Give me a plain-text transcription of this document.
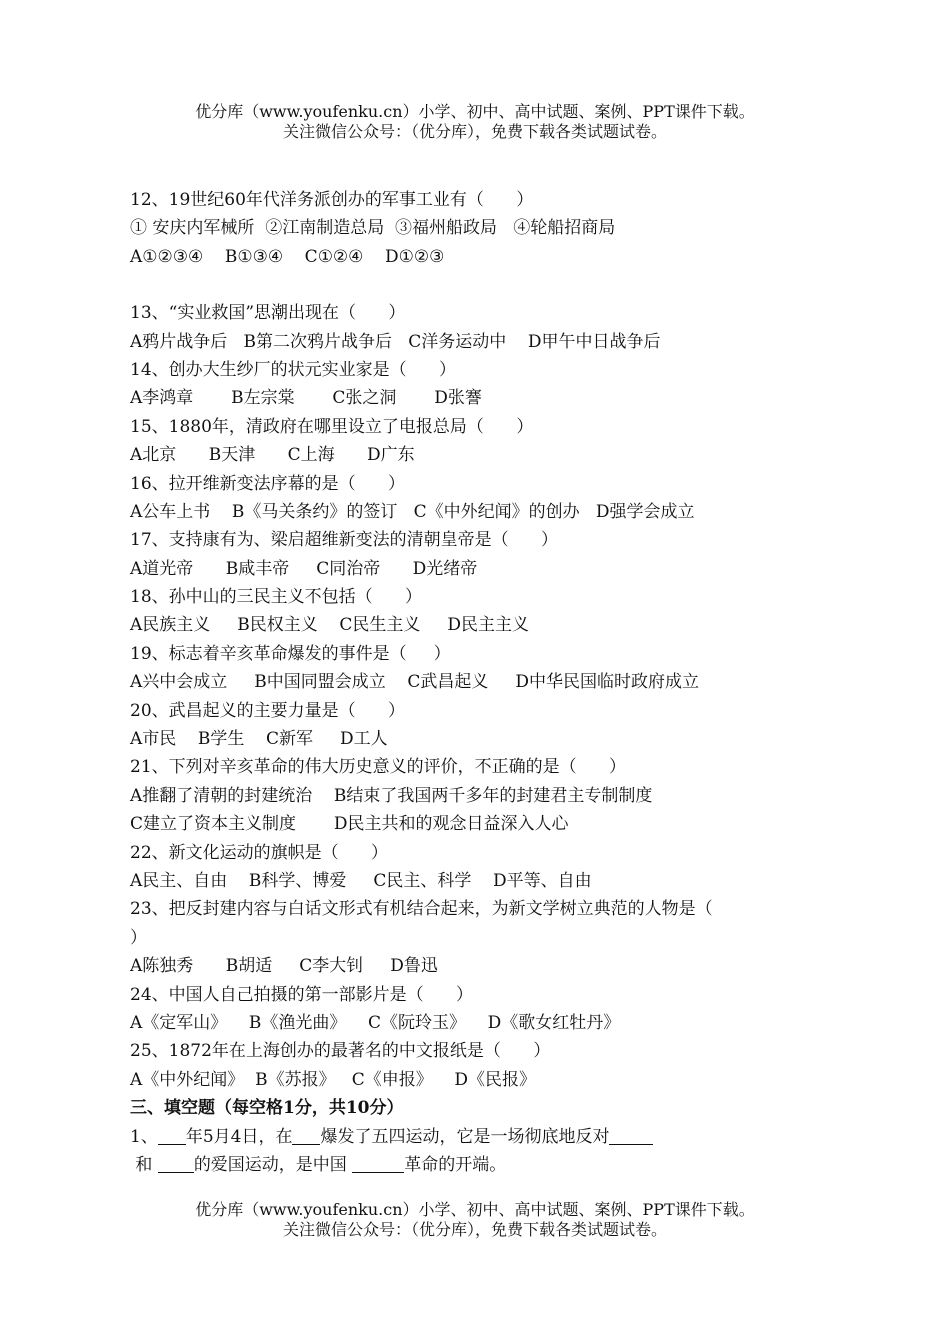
优分库（www.youfenku.cn）小学、初中、高中试题、案例、PPT课件下载。
关注微信公众号：（优分库），免费下载各类试题试卷。
12、19世纪60年代洋务派创办的军事工业有（      ）
① 安庆内军械所  ②江南制造总局  ③福州船政局   ④轮船招商局
A①②③④    B①③④    C①②④    D①②③
13、“实业救国”思潮出现在（      ）
A鸦片战争后   B第二次鸦片战争后   C洋务运动中    D甲午中日战争后
14、创办大生纱厂的状元实业家是（      ）
A李鸿章       B左宗棠       C张之洞       D张謇
15、1880年，清政府在哪里设立了电报总局（      ）
A北京      B天津      C上海      D广东
16、拉开维新变法序幕的是（      ）
A公车上书    B《马关条约》的签订   C《中外纪闻》的创办   D强学会成立
17、支持康有为、梁启超维新变法的清朝皇帝是（      ）
A道光帝      B咸丰帝     C同治帝      D光绪帝
18、孙中山的三民主义不包括（      ）
A民族主义     B民权主义    C民生主义     D民主主义
19、标志着辛亥革命爆发的事件是（     ）
A兴中会成立     B中国同盟会成立    C武昌起义     D中华民国临时政府成立
20、武昌起义的主要力量是（      ）
A市民    B学生    C新军     D工人
21、下列对辛亥革命的伟大历史意义的评价，不正确的是（      ）
A推翻了清朝的封建统治    B结束了我国两千多年的封建君主专制制度
C建立了资本主义制度       D民主共和的观念日益深入人心
22、新文化运动的旗帜是（      ）
A民主、自由    B科学、博爱     C民主、科学    D平等、自由
23、把反封建内容与白话文形式有机结合起来，为新文学树立典范的人物是（
）
A陈独秀      B胡适     C李大钊     D鲁迅
24、中国人自己拍摄的第一部影片是（      ）
A《定军山》    B《渔光曲》    C《阮玲玉》    D《歌女红牡丹》
25、1872年在上海创办的最著名的中文报纸是（      ）
A《中外纪闻》  B《苏报》   C《申报》    D《民报》
三、填空题（每空格1分，共10分）
1、 年5月4日，在 爆发了五四运动，它是一场彻底地反对
和 的爱国运动，是中国	革命的开端。
优分库（www.youfenku.cn）小学、初中、高中试题、案例、PPT课件下载。
关注微信公众号：（优分库），免费下载各类试题试卷。
